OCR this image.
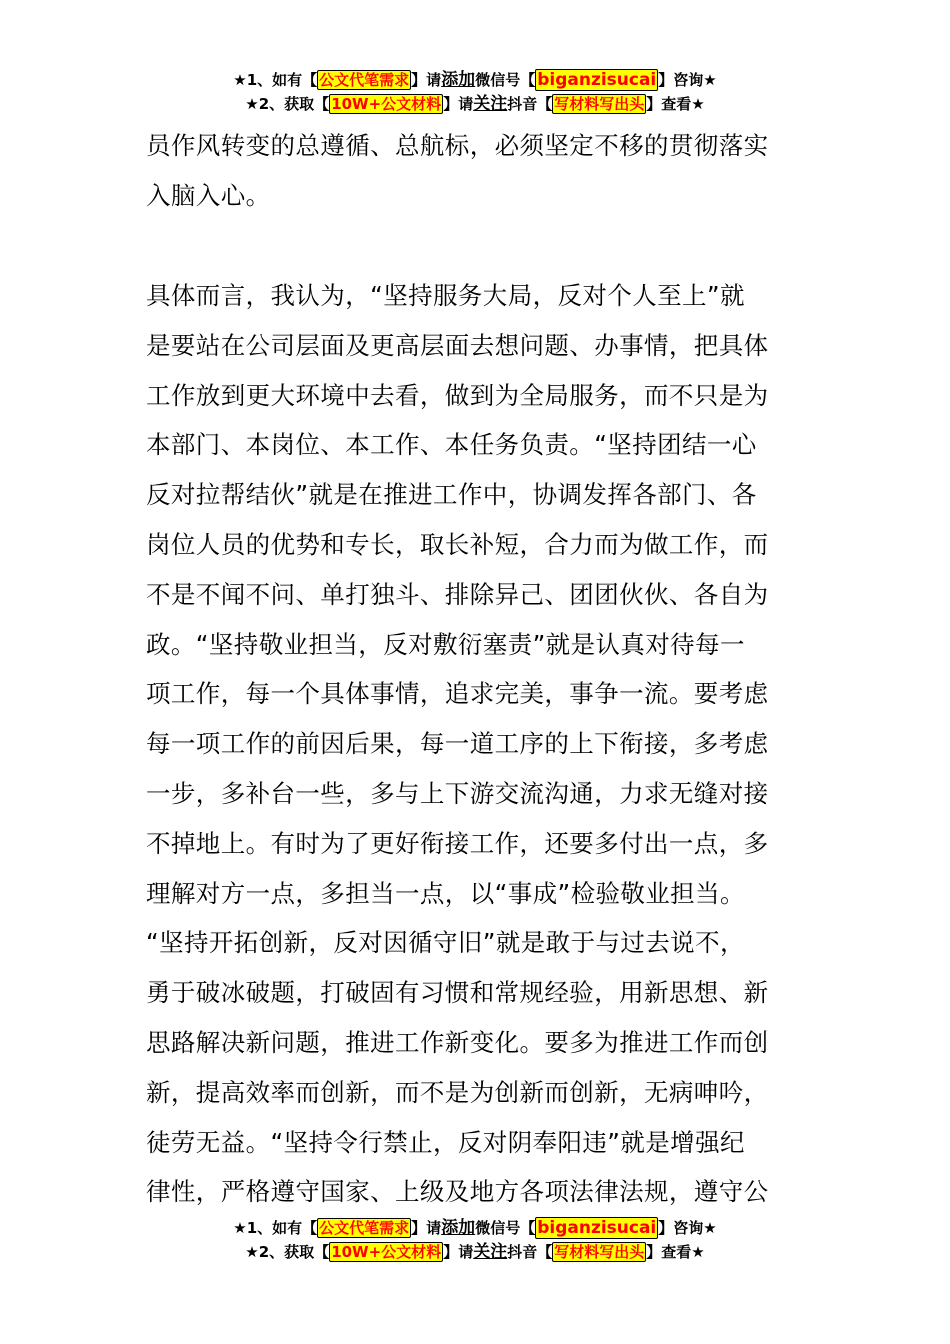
★1、如有【 公文代笔需求 】请添加微信号【 biganzisucai 】咨询★
★2、获取【 10W+公文材料 】请关注抖音【 写材料写出头 】查看★
员作风转变的总遵循、总航标，必须坚定不移的贯彻落实
入脑入心。
具体而言，我认为，“坚持服务大局，反对个人至上”就
是要站在公司层面及更高层面去想问题、办事情，把具体
工作放到更大环境中去看，做到为全局服务，而不只是为
本部门、本岗位、本工作、本任务负责。“坚持团结一心
反对拉帮结伙”就是在推进工作中，协调发挥各部门、各
岗位人员的优势和专长，取长补短，合力而为做工作，而
不是不闻不问、单打独斗、排除异己、团团伙伙、各自为
政。“坚持敬业担当，反对敷衍塞责”就是认真对待每一
项工作，每一个具体事情，追求完美，事争一流。要考虑
每一项工作的前因后果，每一道工序的上下衔接，多考虑
一步，多补台一些，多与上下游交流沟通，力求无缝对接
不掉地上。有时为了更好衔接工作，还要多付出一点，多
理解对方一点，多担当一点，以“事成”检验敬业担当。
“坚持开拓创新，反对因循守旧”就是敢于与过去说不，
勇于破冰破题，打破固有习惯和常规经验，用新思想、新
思路解决新问题，推进工作新变化。要多为推进工作而创
新，提高效率而创新，而不是为创新而创新，无病呻吟，
徒劳无益。“坚持令行禁止，反对阴奉阳违”就是增强纪
律性，严格遵守国家、上级及地方各项法律法规，遵守公
★1、如有【 公文代笔需求 】请添加微信号【 biganzisucai 】咨询★
★2、获取【 10W+公文材料 】请关注抖音【 写材料写出头 】查看★
